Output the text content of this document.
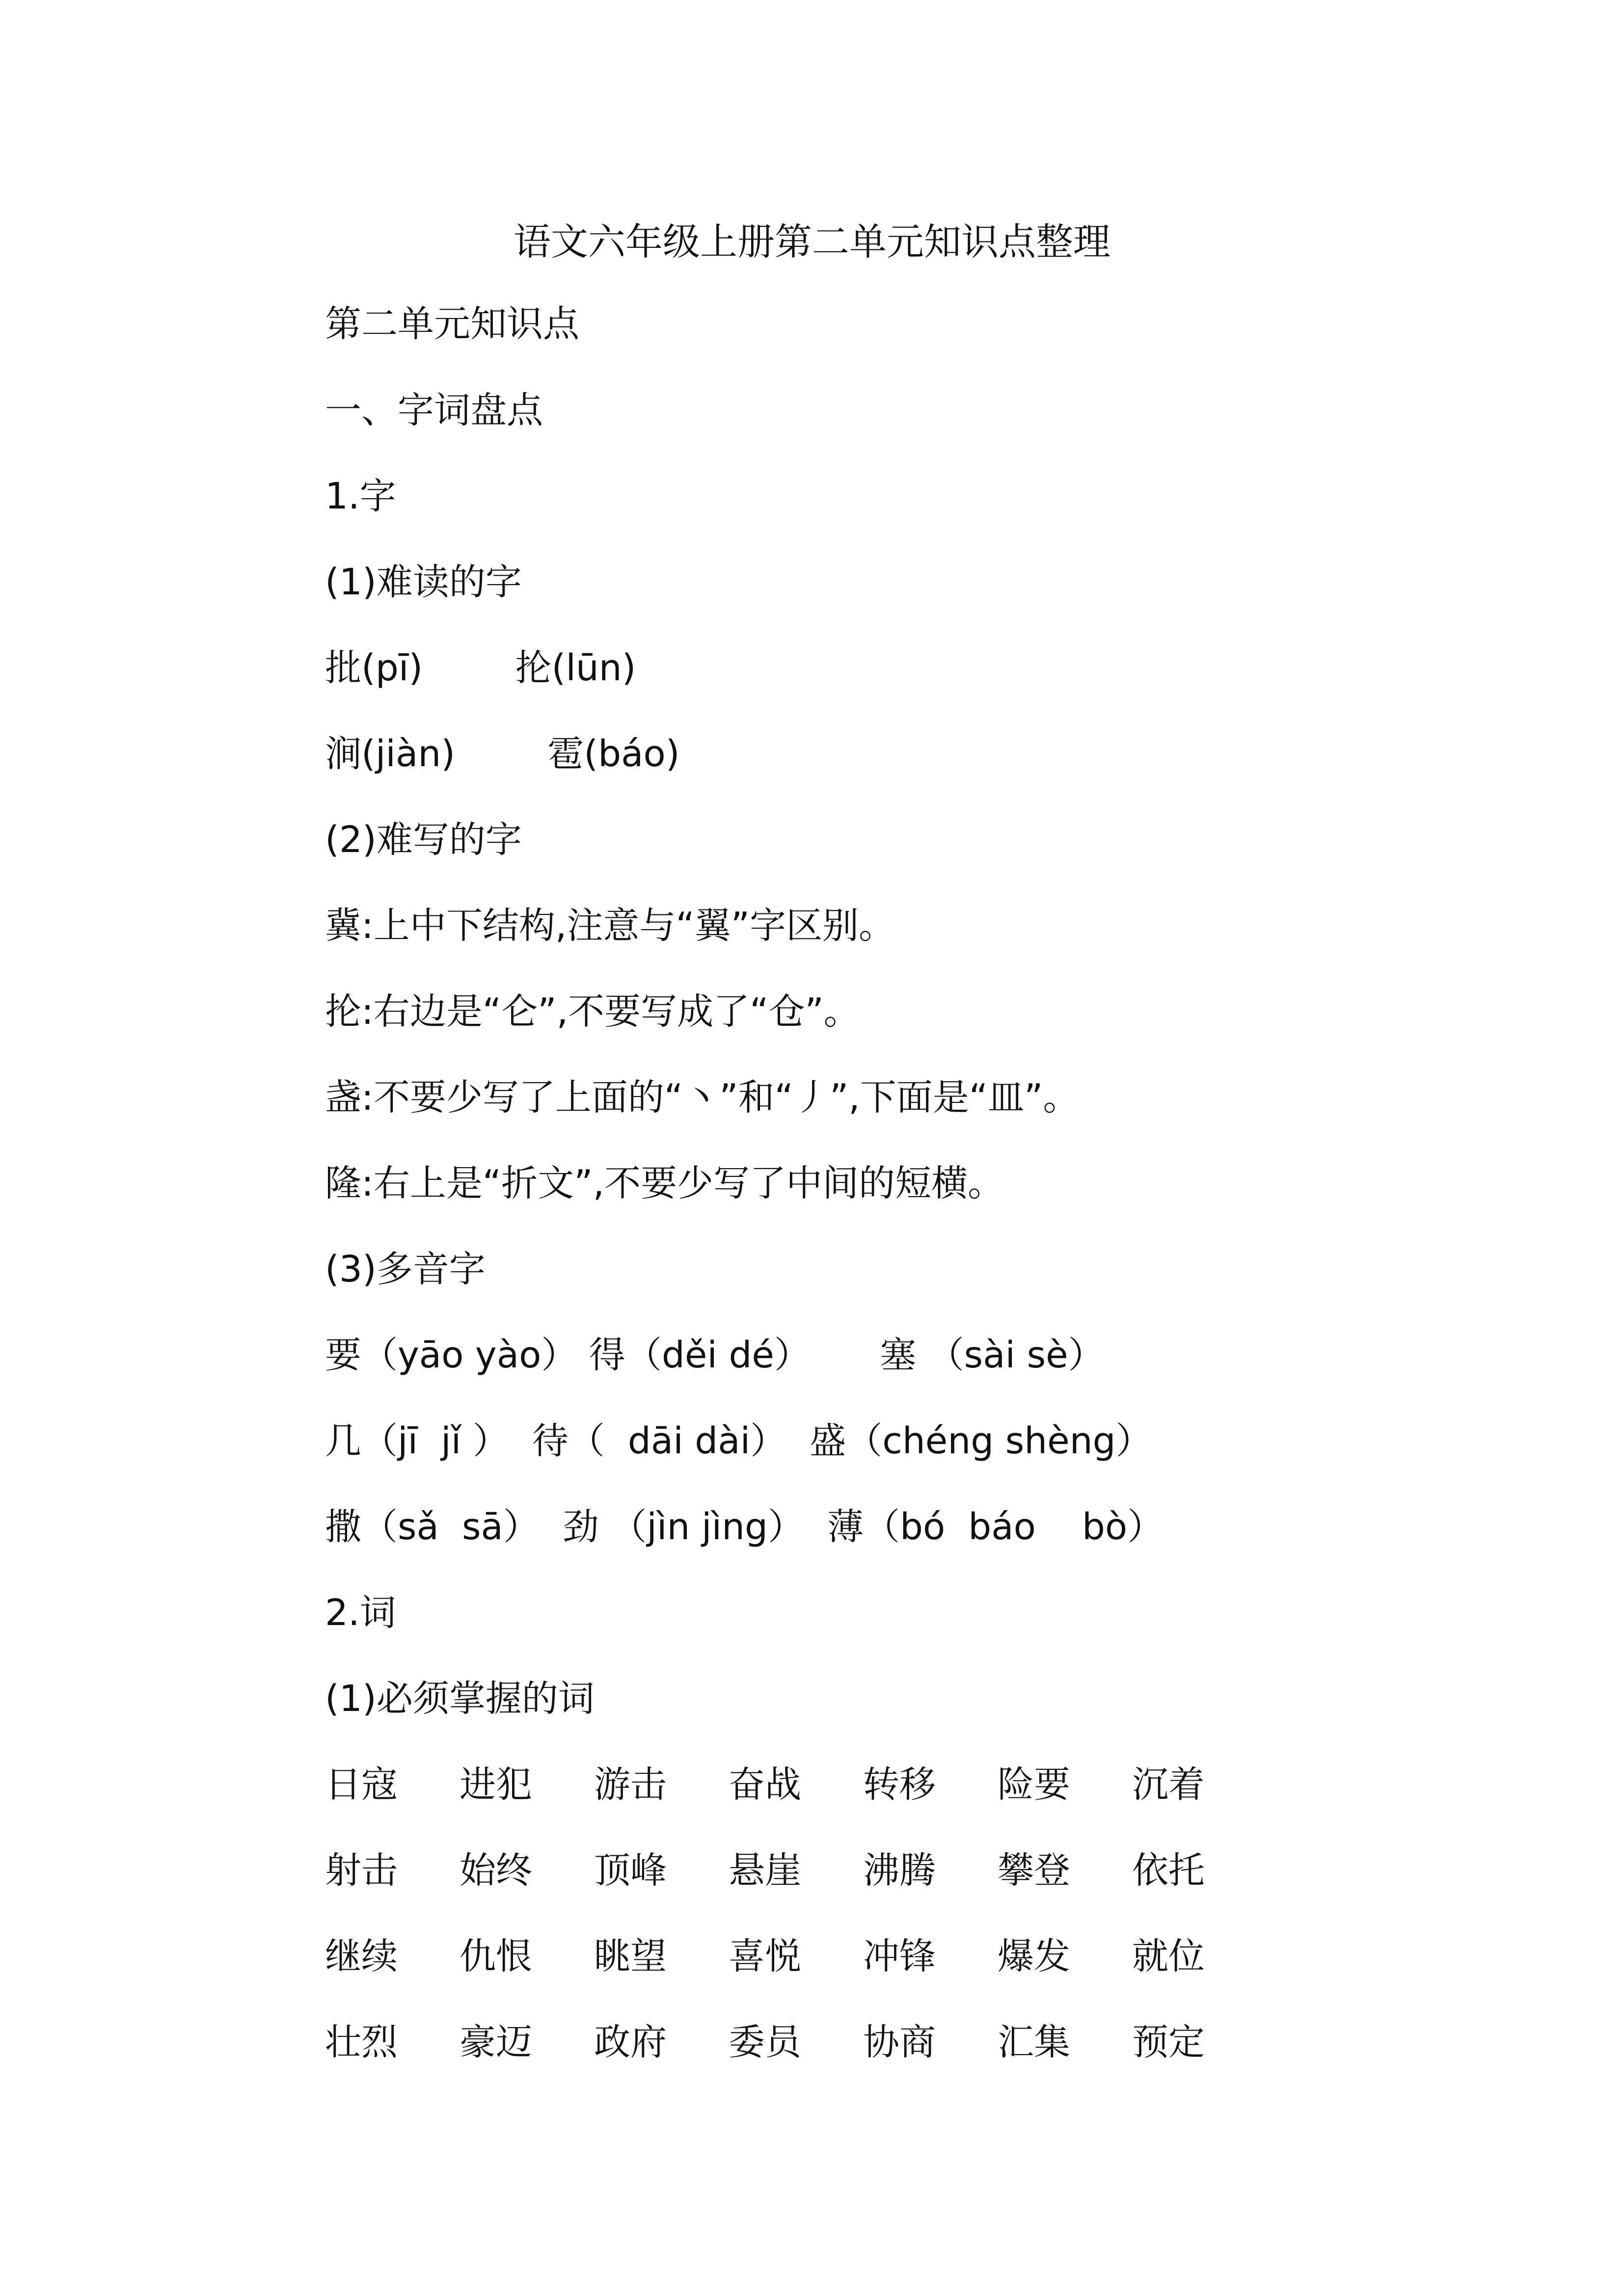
语文六年级上册第二单元知识点整理

第二单元知识点

一、字词盘点

1.字

(1)难读的字

批(pī)        抡(lūn)

涧(jiàn)        雹(báo)

(2)难写的字

冀:上中下结构,注意与“翼”字区别。

抡:右边是“仑”,不要写成了“仓”。

盏:不要少写了上面的“丶”和“丿”,下面是“皿”。

隆:右上是“折文”,不要少写了中间的短横。

(3)多音字

要（yāo yào） 得（děi dé）      塞 （sài sè）

几（jī  jǐ ）  待（  dāi dài）  盛（chéng shèng）

撒（sǎ  sā）  劲 （jìn jìng）  薄（bó  báo    bò）

2.词

(1)必须掌握的词

日寇 进犯 游击 奋战 转移 险要 沉着
射击 始终 顶峰 悬崖 沸腾 攀登 依托
继续 仇恨 眺望 喜悦 冲锋 爆发 就位
壮烈 豪迈 政府 委员 协商 汇集 预定
